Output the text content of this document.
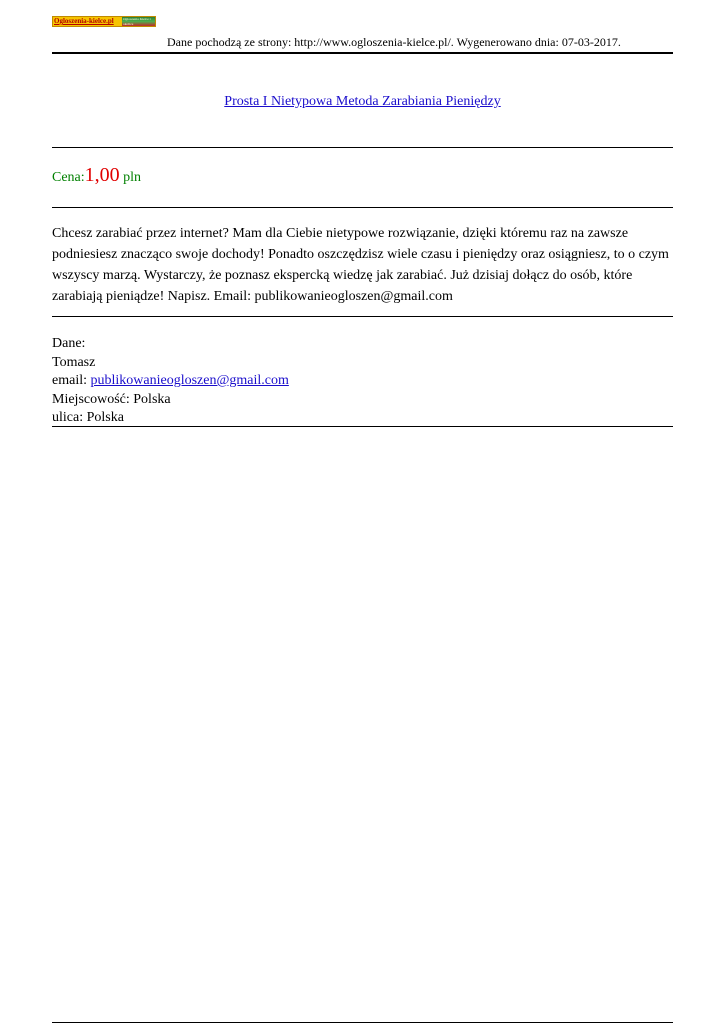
Ogloszenia-kielce.pl	Ogłoszenia Kielce i okolice
Dane pochodzą ze strony: http://www.ogloszenia-kielce.pl/. Wygenerowano dnia: 07-03-2017.
Prosta I Nietypowa Metoda Zarabiania Pieniędzy
Cena:1,00 pln
Chcesz zarabiać przez internet? Mam dla Ciebie nietypowe rozwiązanie, dzięki któremu raz na zawsze podniesiesz znacząco swoje dochody! Ponadto oszczędzisz wiele czasu i pieniędzy oraz osiągniesz, to o czym wszyscy marzą. Wystarczy, że poznasz ekspercką wiedzę jak zarabiać. Już dzisiaj dołącz do osób, które zarabiają pieniądze! Napisz. Email: publikowanieogloszen@gmail.com
Dane:
Tomasz
email: publikowanieogloszen@gmail.com
Miejscowość: Polska
ulica: Polska
